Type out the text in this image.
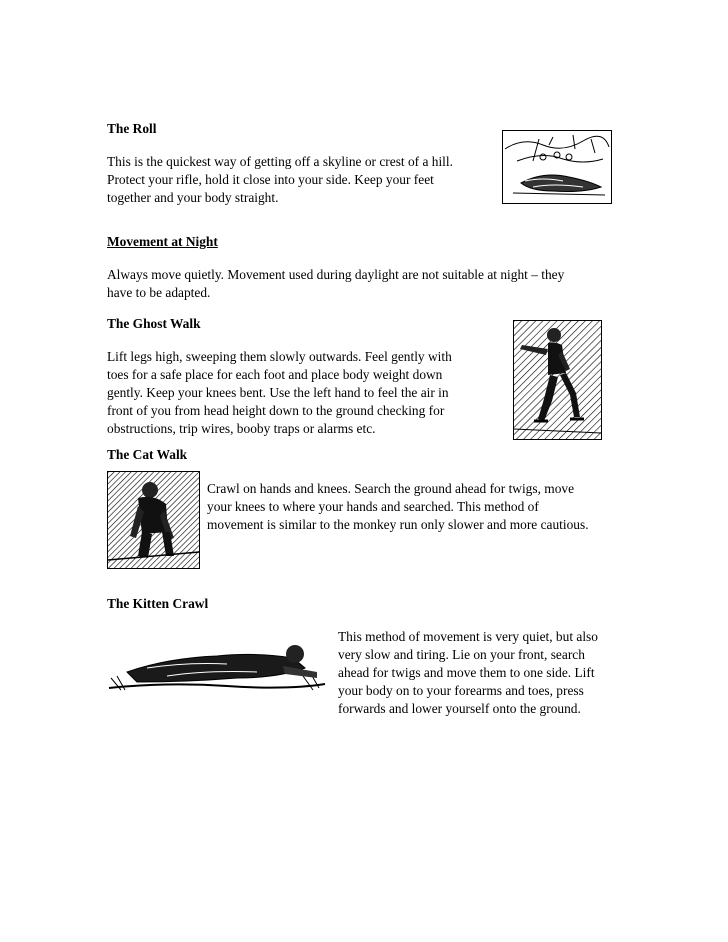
The Roll
This is the quickest way of getting off a skyline or crest of a hill.
Protect your rifle, hold it close into your side. Keep your feet
together and your body straight.
Movement at Night
Always move quietly. Movement used during daylight are not suitable at night – they
have to be adapted.
The Ghost Walk
Lift legs high, sweeping them slowly outwards. Feel gently with
toes for a safe place for each foot and place body weight down
gently. Keep your knees bent. Use the left hand to feel the air in
front of you from head height down to the ground checking for
obstructions, trip wires, booby traps or alarms etc.
The Cat Walk
Crawl on hands and knees. Search the ground ahead for twigs, move
your knees to where your hands and searched. This method of
movement is similar to the monkey run only slower and more cautious.
The Kitten Crawl
This method of movement is very quiet, but also
very slow and tiring. Lie on your front, search
ahead for twigs and move them to one side. Lift
your body on to your forearms and toes, press
forwards and lower yourself onto the ground.
